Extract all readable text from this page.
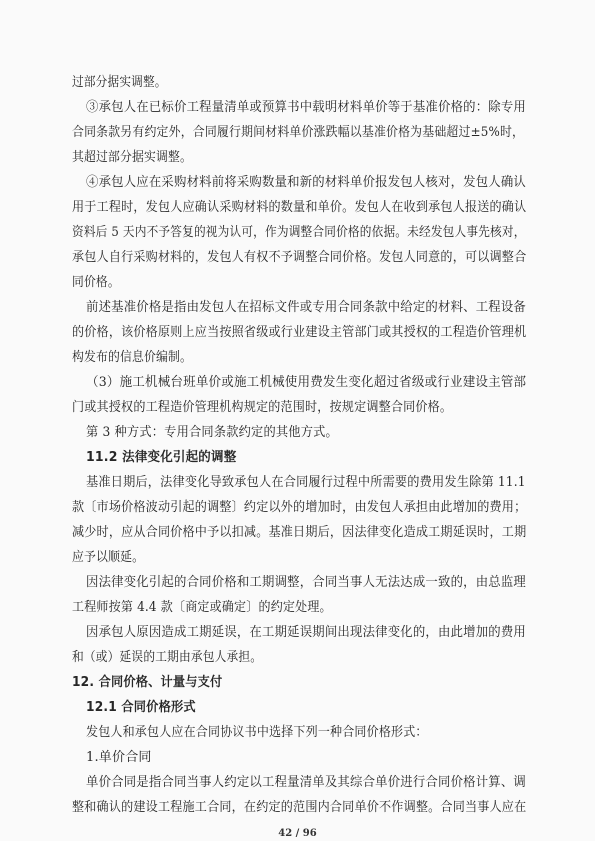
过部分据实调整。

③承包人在已标价工程量清单或预算书中载明材料单价等于基准价格的：除专用

合同条款另有约定外，合同履行期间材料单价涨跌幅以基准价格为基础超过±5%时，

其超过部分据实调整。

④承包人应在采购材料前将采购数量和新的材料单价报发包人核对，发包人确认

用于工程时，发包人应确认采购材料的数量和单价。发包人在收到承包人报送的确认

资料后 5 天内不予答复的视为认可，作为调整合同价格的依据。未经发包人事先核对，

承包人自行采购材料的，发包人有权不予调整合同价格。发包人同意的，可以调整合

同价格。

前述基准价格是指由发包人在招标文件或专用合同条款中给定的材料、工程设备

的价格，该价格原则上应当按照省级或行业建设主管部门或其授权的工程造价管理机

构发布的信息价编制。

（3）施工机械台班单价或施工机械使用费发生变化超过省级或行业建设主管部

门或其授权的工程造价管理机构规定的范围时，按规定调整合同价格。

第 3 种方式：专用合同条款约定的其他方式。

11.2 法律变化引起的调整

基准日期后，法律变化导致承包人在合同履行过程中所需要的费用发生除第 11.1

款〔市场价格波动引起的调整〕约定以外的增加时，由发包人承担由此增加的费用；

减少时，应从合同价格中予以扣减。基准日期后，因法律变化造成工期延误时，工期

应予以顺延。

因法律变化引起的合同价格和工期调整，合同当事人无法达成一致的，由总监理

工程师按第 4.4 款〔商定或确定〕的约定处理。

因承包人原因造成工期延误，在工期延误期间出现法律变化的，由此增加的费用

和（或）延误的工期由承包人承担。

12. 合同价格、计量与支付

12.1 合同价格形式

发包人和承包人应在合同协议书中选择下列一种合同价格形式：

1.单价合同

单价合同是指合同当事人约定以工程量清单及其综合单价进行合同价格计算、调

整和确认的建设工程施工合同，在约定的范围内合同单价不作调整。合同当事人应在

42 / 96
